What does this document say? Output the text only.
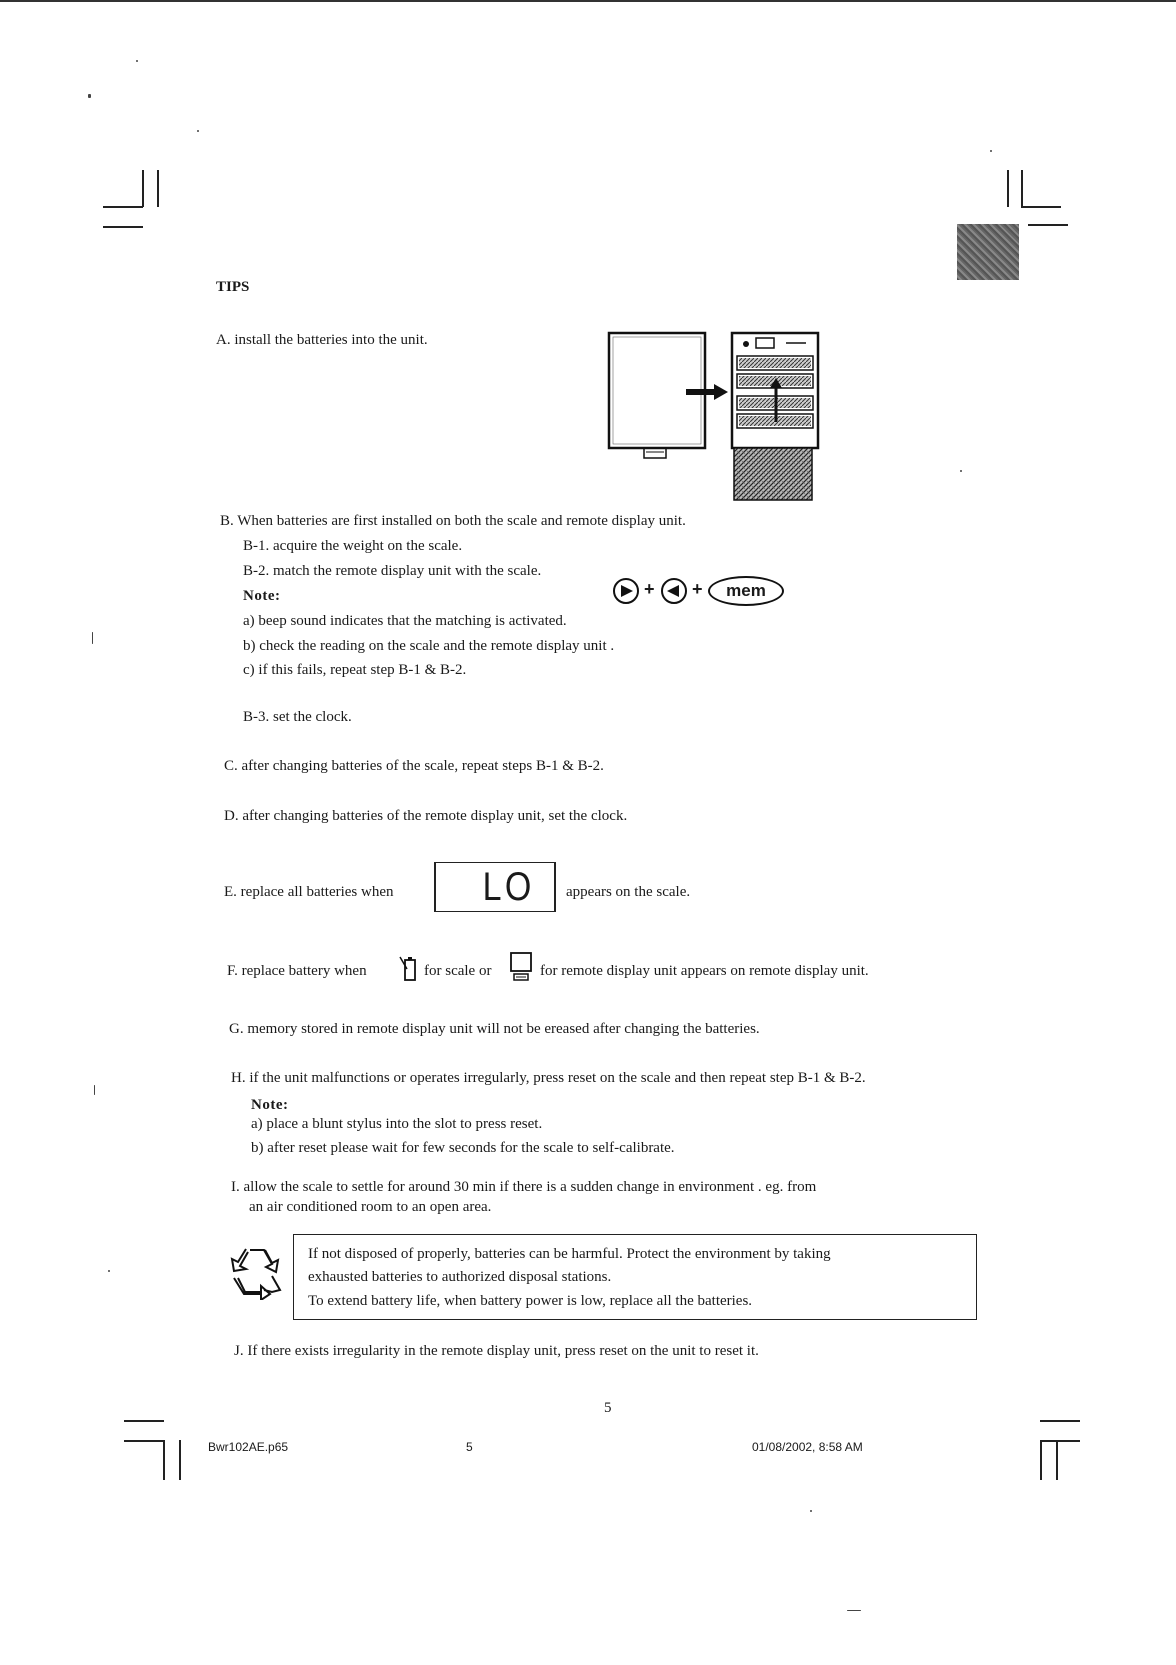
TIPS
A. install the batteries into the unit.
B. When batteries are first installed on both the scale and remote display unit.
B-1. acquire the weight on the scale.
B-2. match the remote display unit with the scale.
Note:	+ +	mem
a) beep sound indicates that the matching is activated.
b) check the reading on the scale and the remote display unit .
c) if this fails, repeat step B-1 & B-2.
B-3. set the clock.
C. after changing batteries of the scale, repeat steps B-1 & B-2.
D. after changing batteries of the remote display unit, set the clock.
E. replace all batteries when LO appears on the scale.
F. replace battery when	for scale or	for remote display unit appears on remote display unit.
G. memory stored in remote display unit will not be ereased after changing the batteries.
H. if the unit malfunctions or operates irregularly, press reset on the scale and then repeat step B-1 & B-2.
Note:
a) place a blunt stylus into the slot to press reset.
b) after reset please wait for few seconds for the scale to self-calibrate.
I. allow the scale to settle for around 30 min if there is a sudden change in environment . eg. from
an air conditioned room to an open area.
If not disposed of properly, batteries can be harmful. Protect the environment by taking
exhausted batteries to authorized disposal stations.
To extend battery life, when battery power is low, replace all the batteries.
J. If there exists irregularity in the remote display unit, press reset on the unit to reset it.
5
Bwr102AE.p65	5	01/08/2002, 8:58 AM
